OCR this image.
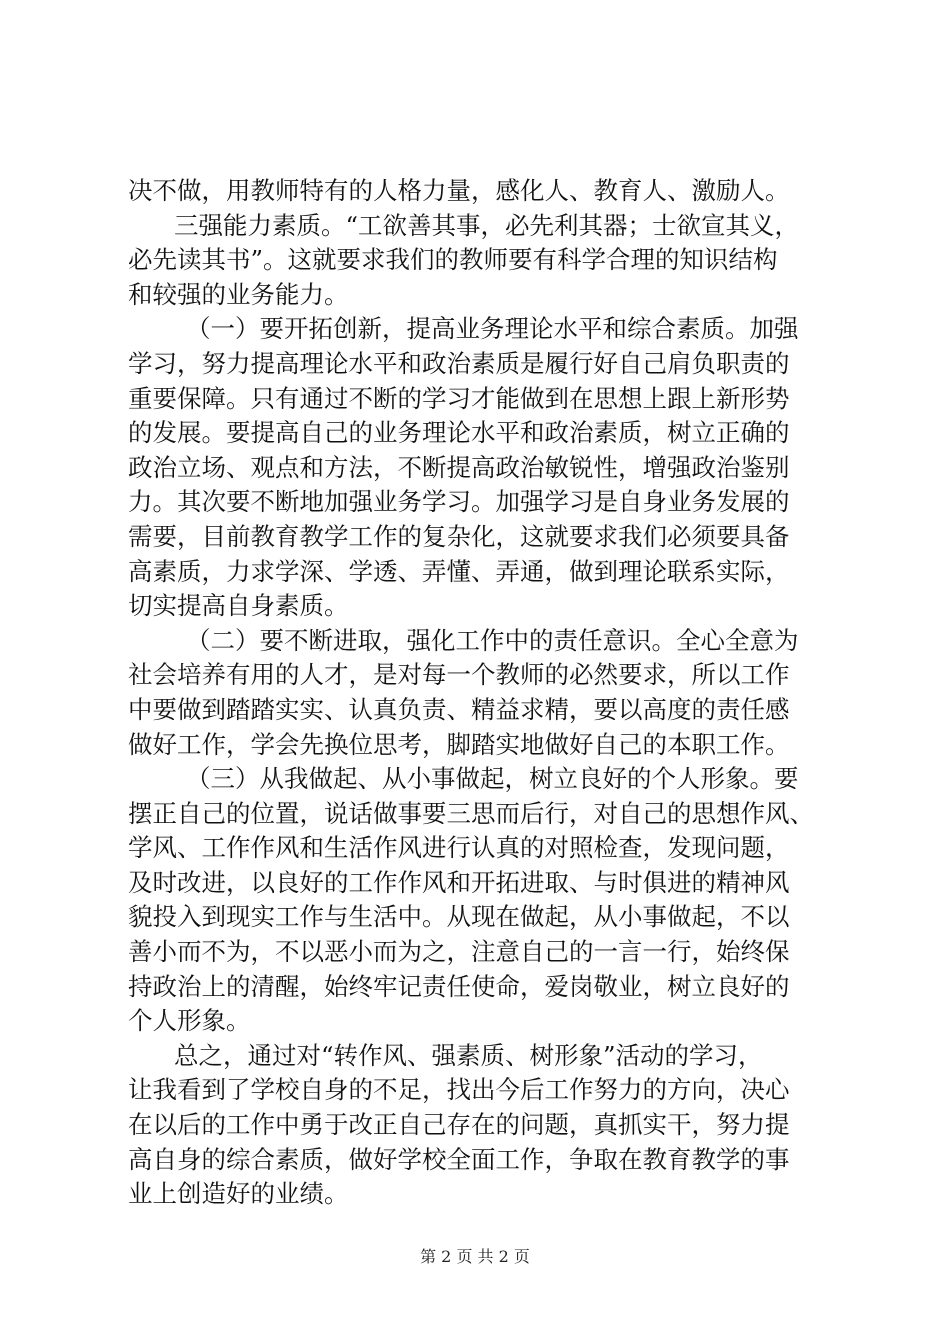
决不做，用教师特有的人格力量，感化人、教育人、激励人。
三强能力素质。“工欲善其事，必先利其器；士欲宣其义，
必先读其书”。这就要求我们的教师要有科学合理的知识结构
和较强的业务能力。
（一）要开拓创新，提高业务理论水平和综合素质。加强
学习，努力提高理论水平和政治素质是履行好自己肩负职责的
重要保障。只有通过不断的学习才能做到在思想上跟上新形势
的发展。要提高自己的业务理论水平和政治素质，树立正确的
政治立场、观点和方法，不断提高政治敏锐性，增强政治鉴别
力。其次要不断地加强业务学习。加强学习是自身业务发展的
需要，目前教育教学工作的复杂化，这就要求我们必须要具备
高素质，力求学深、学透、弄懂、弄通，做到理论联系实际，
切实提高自身素质。
（二）要不断进取，强化工作中的责任意识。全心全意为
社会培养有用的人才，是对每一个教师的必然要求，所以工作
中要做到踏踏实实、认真负责、精益求精，要以高度的责任感
做好工作，学会先换位思考，脚踏实地做好自己的本职工作。
（三）从我做起、从小事做起，树立良好的个人形象。要
摆正自己的位置，说话做事要三思而后行，对自己的思想作风、
学风、工作作风和生活作风进行认真的对照检查，发现问题，
及时改进，以良好的工作作风和开拓进取、与时俱进的精神风
貌投入到现实工作与生活中。从现在做起，从小事做起，不以
善小而不为，不以恶小而为之，注意自己的一言一行，始终保
持政治上的清醒，始终牢记责任使命，爱岗敬业，树立良好的
个人形象。
总之，通过对“转作风、强素质、树形象”活动的学习，
让我看到了学校自身的不足，找出今后工作努力的方向，决心
在以后的工作中勇于改正自己存在的问题，真抓实干，努力提
高自身的综合素质，做好学校全面工作，争取在教育教学的事
业上创造好的业绩。
第 2 页 共 2 页
